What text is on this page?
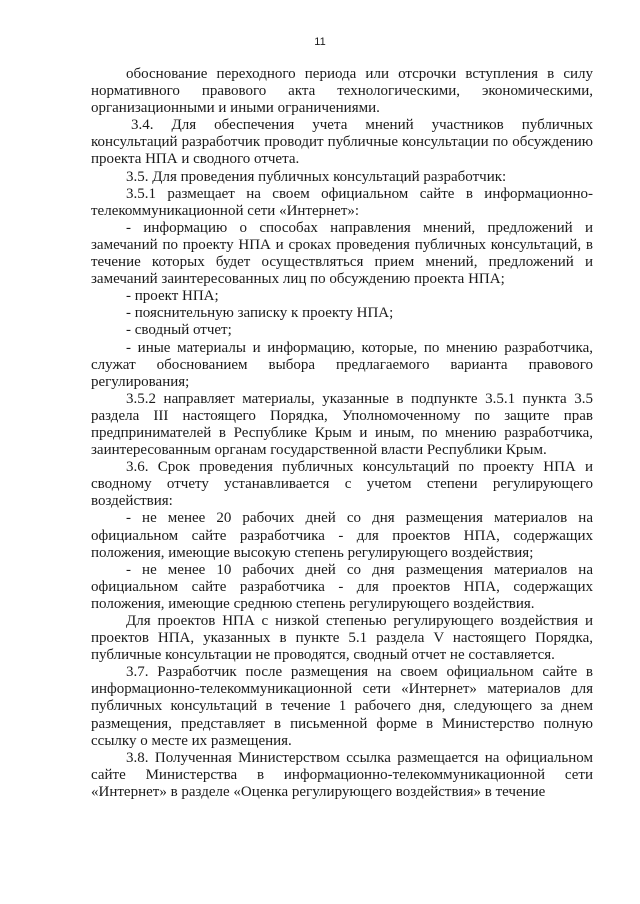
11

обоснование переходного периода или отсрочки вступления в силу нормативного правового акта технологическими, экономическими, организационными и иными ограничениями.

3.4. Для обеспечения учета мнений участников публичных консультаций разработчик проводит публичные консультации по обсуждению проекта НПА и сводного отчета.

3.5. Для проведения публичных консультаций разработчик:

3.5.1 размещает на своем официальном сайте в информационно-телекоммуникационной сети «Интернет»:

- информацию о способах направления мнений, предложений и замечаний по проекту НПА и сроках проведения публичных консультаций, в течение которых будет осуществляться прием мнений, предложений и замечаний заинтересованных лиц по обсуждению проекта НПА;

- проект НПА;

- пояснительную записку к проекту НПА;

- сводный отчет;

- иные материалы и информацию, которые, по мнению разработчика, служат обоснованием выбора предлагаемого варианта правового регулирования;

3.5.2 направляет материалы, указанные в подпункте 3.5.1 пункта 3.5 раздела III настоящего Порядка, Уполномоченному по защите прав предпринимателей в Республике Крым и иным, по мнению разработчика, заинтересованным органам государственной власти Республики Крым.

3.6. Срок проведения публичных консультаций по проекту НПА и сводному отчету устанавливается с учетом степени регулирующего воздействия:

- не менее 20 рабочих дней со дня размещения материалов на официальном сайте разработчика - для проектов НПА, содержащих положения, имеющие высокую степень регулирующего воздействия;

- не менее 10 рабочих дней со дня размещения материалов на официальном сайте разработчика - для проектов НПА, содержащих положения, имеющие среднюю степень регулирующего воздействия.

Для проектов НПА с низкой степенью регулирующего воздействия и проектов НПА, указанных в пункте 5.1 раздела V настоящего Порядка, публичные консультации не проводятся, сводный отчет не составляется.

3.7. Разработчик после размещения на своем официальном сайте в информационно-телекоммуникационной сети «Интернет» материалов для публичных консультаций в течение 1 рабочего дня, следующего за днем размещения, представляет в письменной форме в Министерство полную ссылку о месте их размещения.

3.8. Полученная Министерством ссылка размещается на официальном сайте Министерства в информационно-телекоммуникационной сети «Интернет» в разделе «Оценка регулирующего воздействия» в течение
